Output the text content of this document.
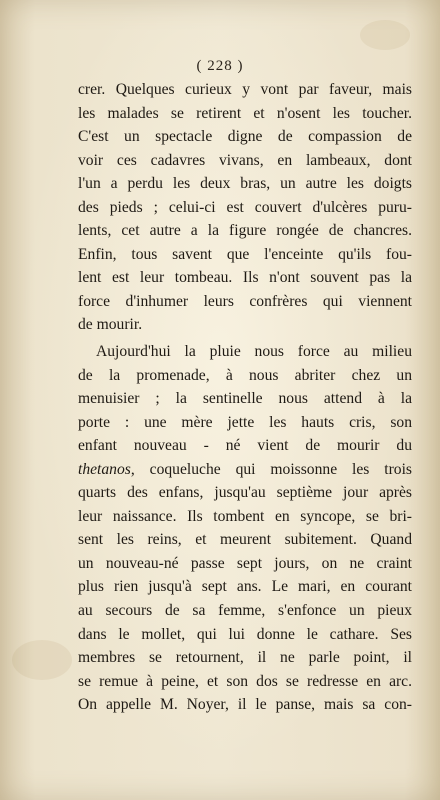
( 228 )
crer. Quelques curieux y vont par faveur, mais
les malades se retirent et n'osent les toucher.
C'est un spectacle digne de compassion de
voir ces cadavres vivans, en lambeaux, dont
l'un a perdu les deux bras, un autre les doigts
des pieds ; celui-ci est couvert d'ulcères puru-
lents, cet autre a la figure rongée de chancres.
Enfin, tous savent que l'enceinte qu'ils fou-
lent est leur tombeau. Ils n'ont souvent pas la
force d'inhumer leurs confrères qui viennent
de mourir.
Aujourd'hui la pluie nous force au milieu
de la promenade, à nous abriter chez un
menuisier ; la sentinelle nous attend à la
porte : une mère jette les hauts cris, son
enfant nouveau - né vient de mourir du
thetanos, coqueluche qui moissonne les trois
quarts des enfans, jusqu'au septième jour après
leur naissance. Ils tombent en syncope, se bri-
sent les reins, et meurent subitement. Quand
un nouveau-né passe sept jours, on ne craint
plus rien jusqu'à sept ans. Le mari, en courant
au secours de sa femme, s'enfonce un pieux
dans le mollet, qui lui donne le cathare. Ses
membres se retournent, il ne parle point, il
se remue à peine, et son dos se redresse en arc.
On appelle M. Noyer, il le panse, mais sa con-
